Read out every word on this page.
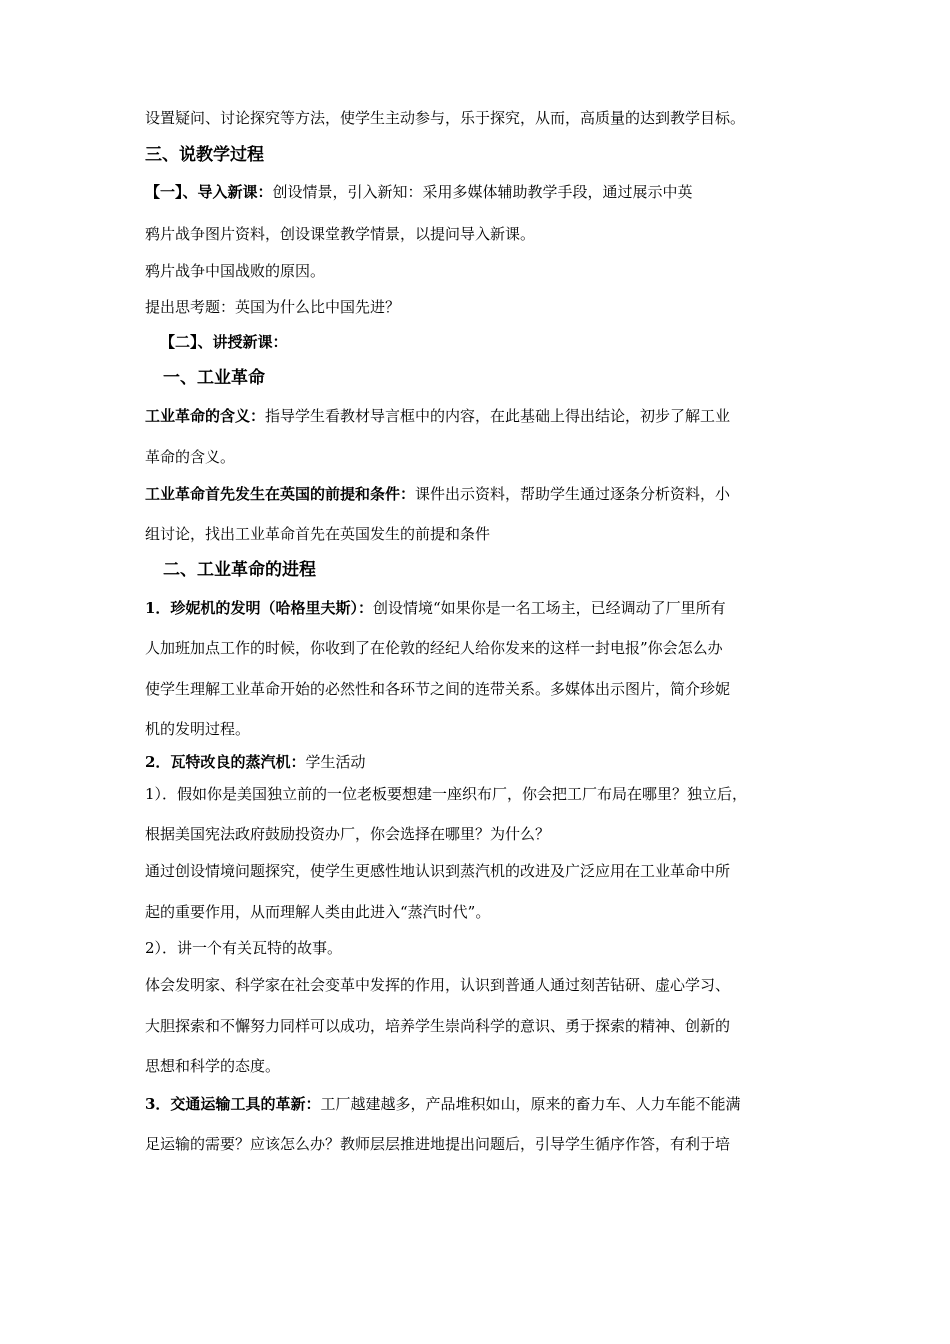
设置疑问、讨论探究等方法，使学生主动参与，乐于探究，从而，高质量的达到教学目标。
三、说教学过程
【一】、导入新课：创设情景，引入新知：采用多媒体辅助教学手段，通过展示中英
鸦片战争图片资料，创设课堂教学情景，以提问导入新课。
鸦片战争中国战败的原因。
提出思考题：英国为什么比中国先进？
【二】、讲授新课：
一、工业革命
工业革命的含义：指导学生看教材导言框中的内容，在此基础上得出结论，初步了解工业
革命的含义。
工业革命首先发生在英国的前提和条件：课件出示资料，帮助学生通过逐条分析资料，小
组讨论，找出工业革命首先在英国发生的前提和条件
二、工业革命的进程
1．珍妮机的发明（哈格里夫斯）：创设情境“如果你是一名工场主，已经调动了厂里所有
人加班加点工作的时候，你收到了在伦敦的经纪人给你发来的这样一封电报”你会怎么办
使学生理解工业革命开始的必然性和各环节之间的连带关系。多媒体出示图片，简介珍妮
机的发明过程。
2．瓦特改良的蒸汽机：学生活动
1）．假如你是美国独立前的一位老板要想建一座织布厂，你会把工厂布局在哪里？独立后，
根据美国宪法政府鼓励投资办厂，你会选择在哪里？为什么？
通过创设情境问题探究，使学生更感性地认识到蒸汽机的改进及广泛应用在工业革命中所
起的重要作用，从而理解人类由此进入“蒸汽时代”。
2）．讲一个有关瓦特的故事。
体会发明家、科学家在社会变革中发挥的作用，认识到普通人通过刻苦钻研、虚心学习、
大胆探索和不懈努力同样可以成功，培养学生崇尚科学的意识、勇于探索的精神、创新的
思想和科学的态度。
3．交通运输工具的革新：工厂越建越多，产品堆积如山，原来的畜力车、人力车能不能满
足运输的需要？应该怎么办？教师层层推进地提出问题后，引导学生循序作答，有利于培
